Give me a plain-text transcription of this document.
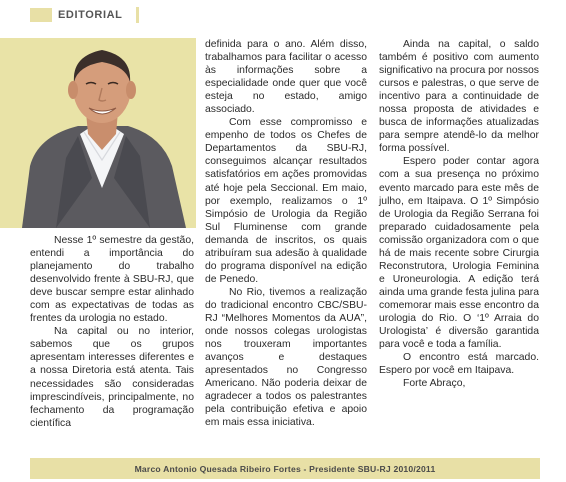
EDITORIAL

Nesse 1º semestre da gestão, entendi a importância do planejamento do trabalho desenvolvido frente à SBU-RJ, que deve buscar sempre estar alinhado com as expectativas de todas as frentes da urologia no estado.

Na capital ou no interior, sabemos que os grupos apresentam interesses diferentes e a nossa Diretoria está atenta. Tais necessidades são consideradas imprescindíveis, principalmente, no fechamento da programação científica

definida para o ano. Além disso, trabalhamos para facilitar o acesso às informações sobre a especialidade onde quer que você esteja no estado, amigo associado.

Com esse compromisso e empenho de todos os Chefes de Departamentos da SBU-RJ, conseguimos alcançar resultados satisfatórios em ações promovidas até hoje pela Seccional. Em maio, por exemplo, realizamos o 1º Simpósio de Urologia da Região Sul Fluminense com grande demanda de inscritos, os quais atribuíram sua adesão à qualidade do programa disponível na edição de Penedo.

No Rio, tivemos a realização do tradicional encontro CBC/SBU-RJ “Melhores Momentos da AUA”, onde nossos colegas urologistas nos trouxeram importantes avanços e destaques apresentados no Congresso Americano. Não poderia deixar de agradecer a todos os palestrantes pela contribuição efetiva e apoio em mais essa iniciativa.

Ainda na capital, o saldo também é positivo com aumento significativo na procura por nossos cursos e palestras, o que serve de incentivo para a continuidade de nossa proposta de atividades e busca de informações atualizadas para sempre atendê-lo da melhor forma possível.

Espero poder contar agora com a sua presença no próximo evento marcado para este mês de julho, em Itaipava. O 1º Simpósio de Urologia da Região Serrana foi preparado cuidadosamente pela comissão organizadora com o que há de mais recente sobre Cirurgia Reconstrutora, Urologia Feminina e Uroneurologia. A edição terá ainda uma grande festa julina para comemorar mais esse encontro da urologia do Rio. O ‘1º Arraia do Urologista’ é diversão garantida para você e toda a família.

O encontro está marcado. Espero por você em Itaipava.

Forte Abraço,

Marco Antonio Quesada Ribeiro Fortes - Presidente SBU-RJ 2010/2011
